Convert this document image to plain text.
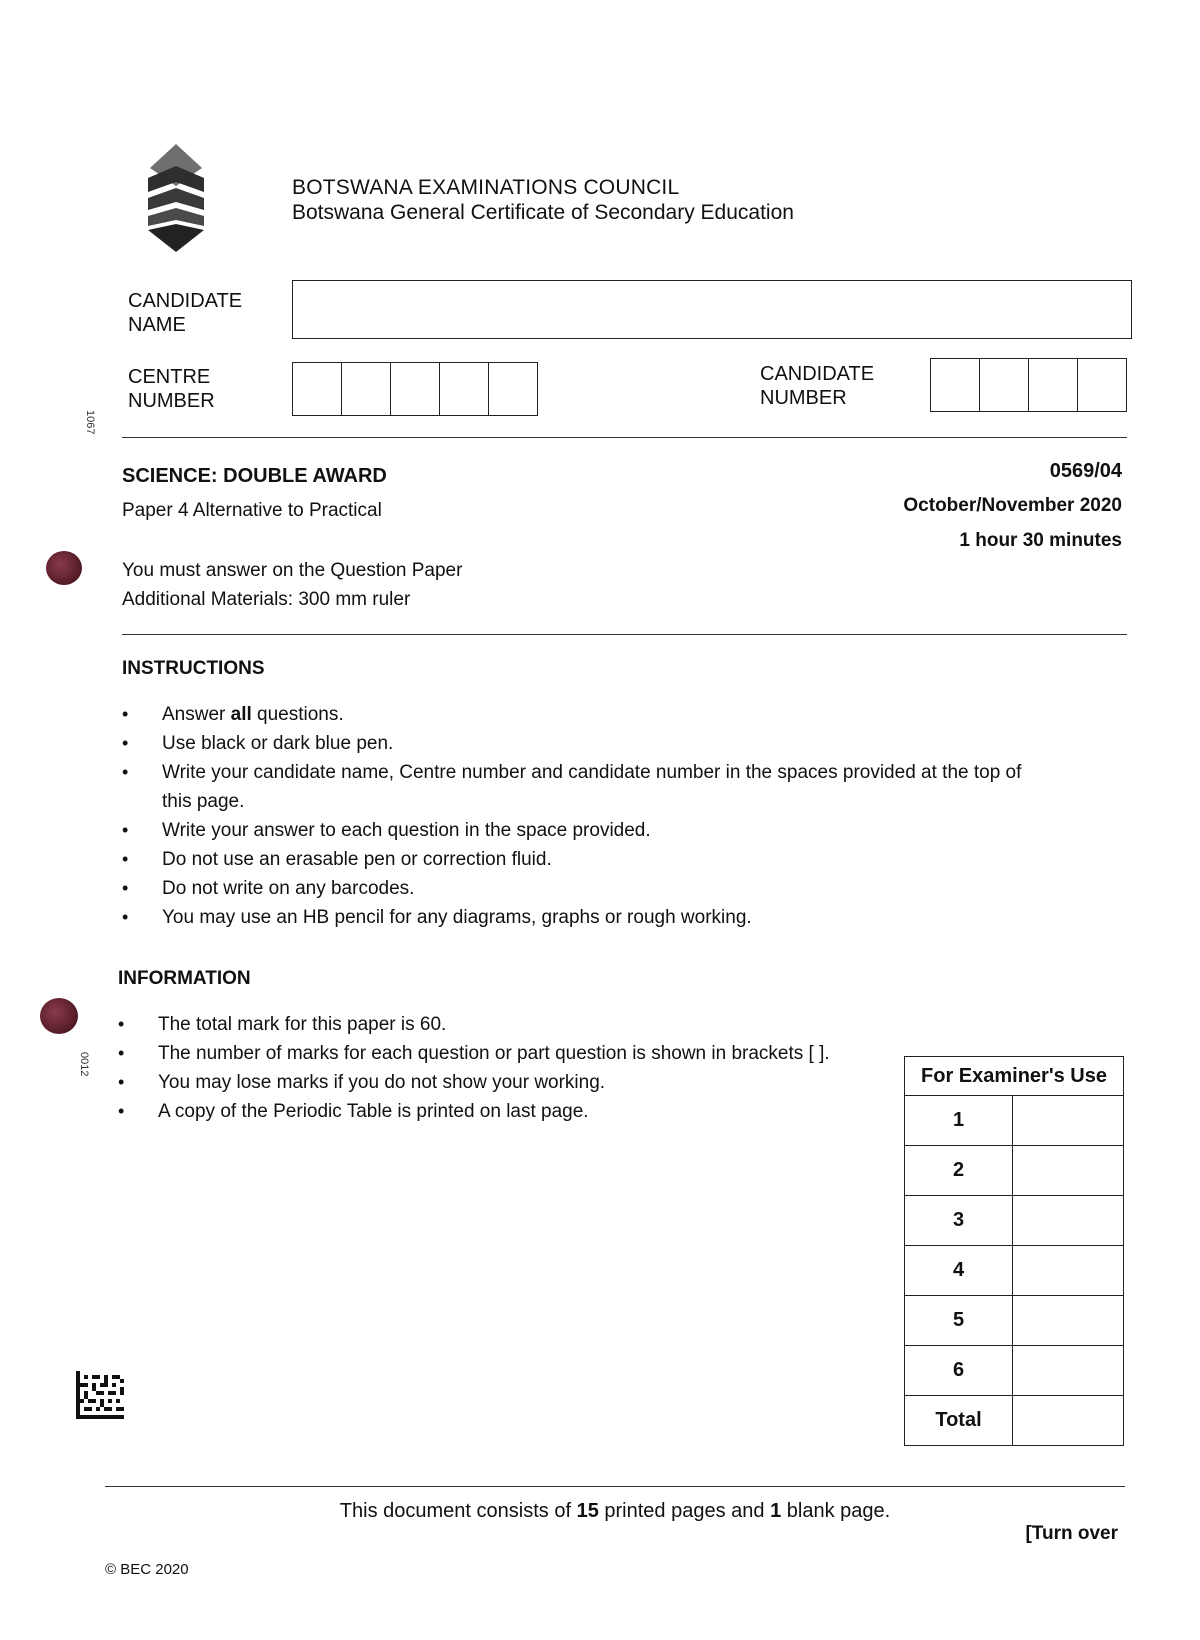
BOTSWANA EXAMINATIONS COUNCIL
Botswana General Certificate of Secondary Education
CANDIDATE
NAME
CENTRE
NUMBER
CANDIDATE
NUMBER
1067
SCIENCE: DOUBLE AWARD	0569/04
Paper 4 Alternative to Practical	October/November 2020
1 hour 30 minutes
You must answer on the Question Paper
Additional Materials: 300 mm ruler
INSTRUCTIONS
• Answer all questions.
• Use black or dark blue pen.
• Write your candidate name, Centre number and candidate number in the spaces provided at the top of this page.
• Write your answer to each question in the space provided.
• Do not use an erasable pen or correction fluid.
• Do not write on any barcodes.
• You may use an HB pencil for any diagrams, graphs or rough working.
INFORMATION
0012
• The total mark for this paper is 60.
• The number of marks for each question or part question is shown in brackets [ ].
• You may lose marks if you do not show your working.
• A copy of the Periodic Table is printed on last page.
For Examiner's Use	
1	
2	
3	
4	
5	
6	
Total	
This document consists of 15 printed pages and 1 blank page.
[Turn over
© BEC 2020
